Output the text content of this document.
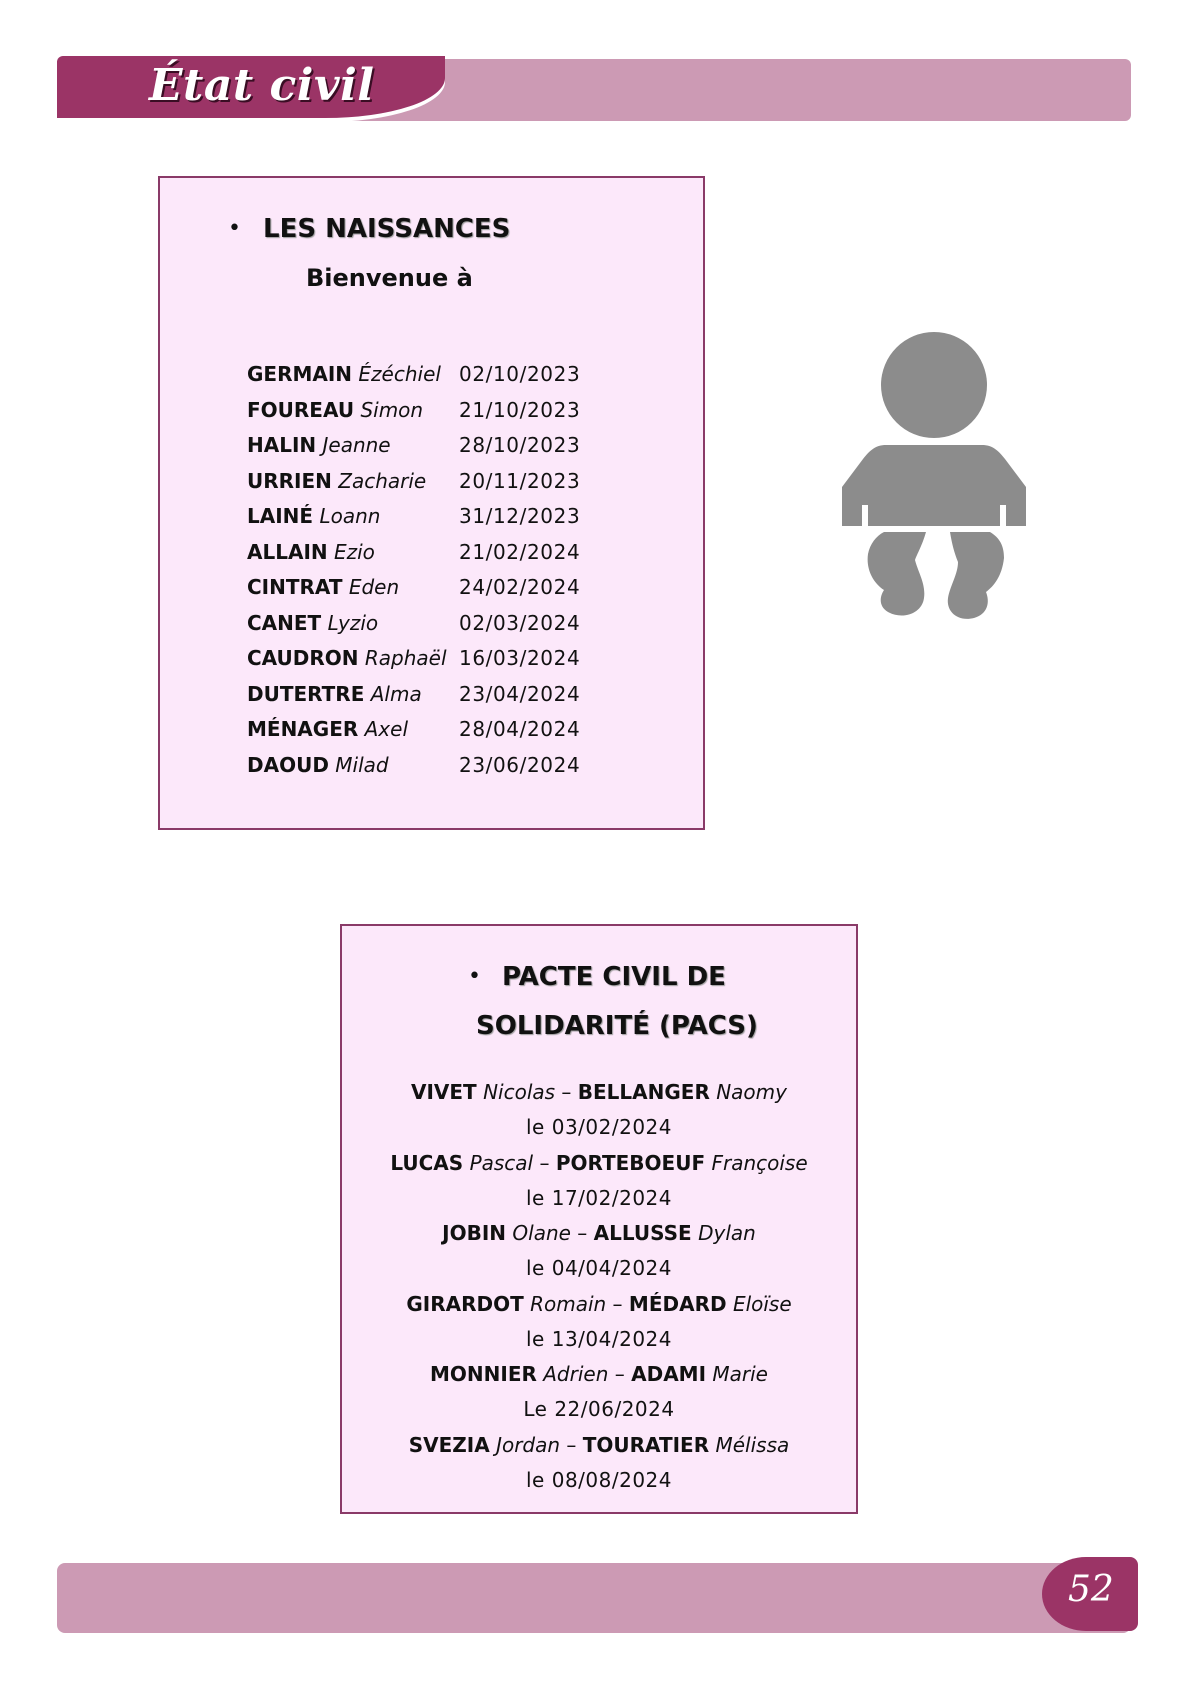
État civil
• LES NAISSANCES
Bienvenue à
GERMAIN Ézéchiel 02/10/2023
FOUREAU Simon 21/10/2023
HALIN Jeanne	28/10/2023
URRIEN Zacharie 20/11/2023
LAINÉ Loann	31/12/2023
ALLAIN Ezio	21/02/2024
CINTRAT Eden	24/02/2024
CANET Lyzio	02/03/2024
CAUDRON Raphaël 16/03/2024
DUTERTRE Alma 23/04/2024
MÉNAGER Axel	28/04/2024
DAOUD Milad	23/06/2024
• PACTE CIVIL DE
SOLIDARITÉ (PACS)
VIVET Nicolas – BELLANGER Naomy
le 03/02/2024
LUCAS Pascal – PORTEBOEUF Françoise
le 17/02/2024
JOBIN Olane – ALLUSSE Dylan
le 04/04/2024
GIRARDOT Romain – MÉDARD Eloïse
le 13/04/2024
MONNIER Adrien – ADAMI Marie
Le 22/06/2024
SVEZIA Jordan – TOURATIER Mélissa
le 08/08/2024
52
